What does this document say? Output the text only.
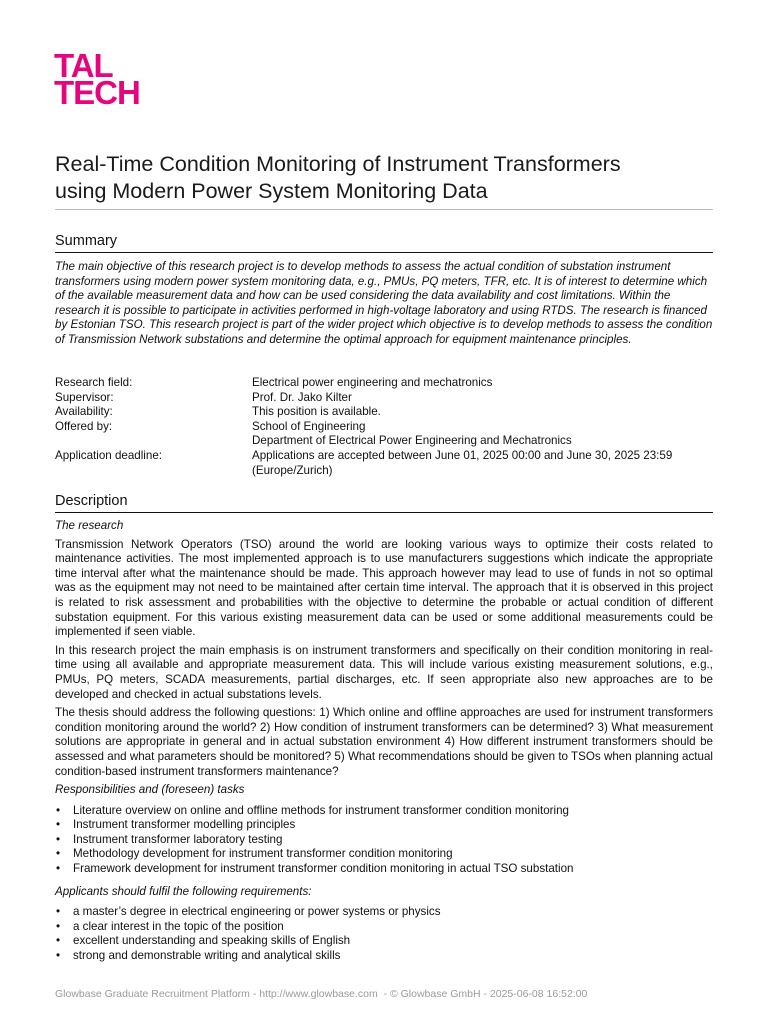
TAL
TECH
Real-Time Condition Monitoring of Instrument Transformers
using Modern Power System Monitoring Data
Summary

The main objective of this research project is to develop methods to assess the actual condition of substation instrument transformers using modern power system monitoring data, e.g., PMUs, PQ meters, TFR, etc. It is of interest to determine which of the available measurement data and how can be used considering the data availability and cost limitations. Within the research it is possible to participate in activities performed in high-voltage laboratory and using RTDS. The research is financed by Estonian TSO. This research project is part of the wider project which objective is to develop methods to assess the condition of Transmission Network substations and determine the optimal approach for equipment maintenance principles.

Research field:	Electrical power engineering and mechatronics
Supervisor:	Prof. Dr. Jako Kilter
Availability:	This position is available.
Offered by:	School of Engineering
Department of Electrical Power Engineering and Mechatronics
Application deadline:	Applications are accepted between June 01, 2025 00:00 and June 30, 2025 23:59 (Europe/Zurich)
Description

The research

Transmission Network Operators (TSO) around the world are looking various ways to optimize their costs related to maintenance activities. The most implemented approach is to use manufacturers suggestions which indicate the appropriate time interval after what the maintenance should be made. This approach however may lead to use of funds in not so optimal was as the equipment may not need to be maintained after certain time interval. The approach that it is observed in this project is related to risk assessment and probabilities with the objective to determine the probable or actual condition of different substation equipment. For this various existing measurement data can be used or some additional measurements could be implemented if seen viable.

In this research project the main emphasis is on instrument transformers and specifically on their condition monitoring in real-time using all available and appropriate measurement data. This will include various existing measurement solutions, e.g., PMUs, PQ meters, SCADA measurements, partial discharges, etc. If seen appropriate also new approaches are to be developed and checked in actual substations levels.

The thesis should address the following questions: 1) Which online and offline approaches are used for instrument transformers condition monitoring around the world? 2) How condition of instrument transformers can be determined? 3) What measurement solutions are appropriate in general and in actual substation environment 4) How different instrument transformers should be assessed and what parameters should be monitored? 5) What recommendations should be given to TSOs when planning actual condition-based instrument transformers maintenance?

Responsibilities and (foreseen) tasks

• Literature overview on online and offline methods for instrument transformer condition monitoring
• Instrument transformer modelling principles
• Instrument transformer laboratory testing
• Methodology development for instrument transformer condition monitoring
• Framework development for instrument transformer condition monitoring in actual TSO substation

Applicants should fulfil the following requirements:

• a master’s degree in electrical engineering or power systems or physics
• a clear interest in the topic of the position
• excellent understanding and speaking skills of English
• strong and demonstrable writing and analytical skills
Glowbase Graduate Recruitment Platform - http://www.glowbase.com  - © Glowbase GmbH - 2025-06-08 16:52:00
